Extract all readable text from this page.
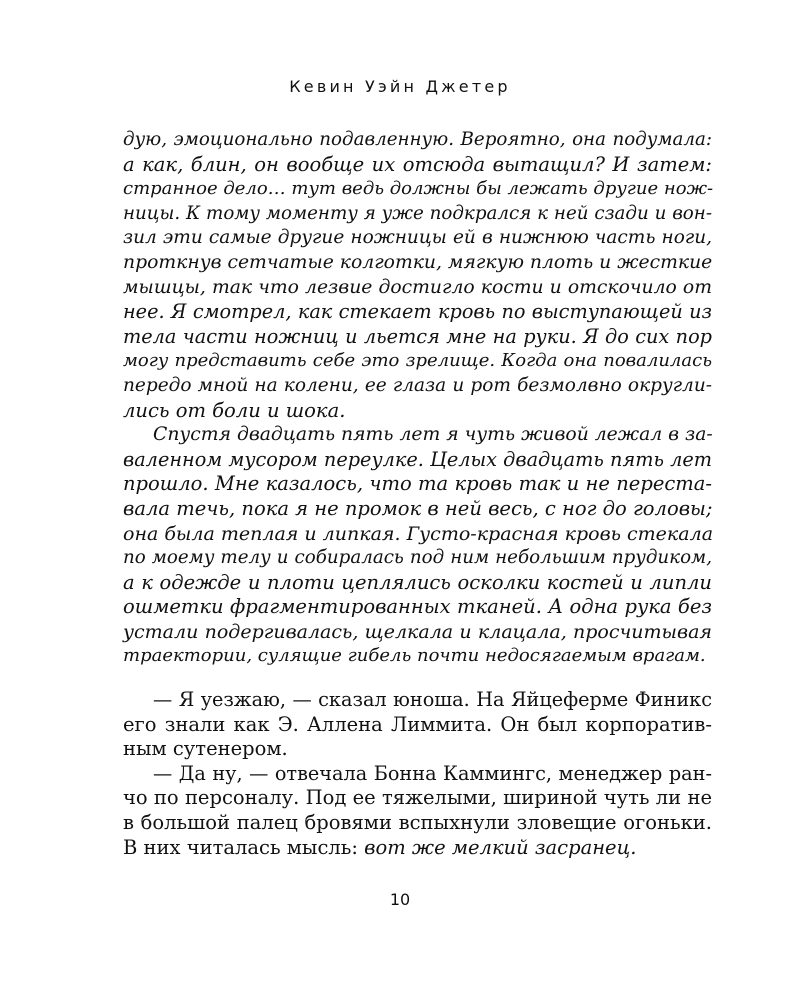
Кевин Уэйн Джетер
дую, эмоционально подавленную. Вероятно, она подумала:
а как, блин, он вообще их отсюда вытащил? И затем:
странное дело… тут ведь должны бы лежать другие нож-
ницы. К тому моменту я уже подкрался к ней сзади и вон-
зил эти самые другие ножницы ей в нижнюю часть ноги,
проткнув сетчатые колготки, мягкую плоть и жесткие
мышцы, так что лезвие достигло кости и отскочило от
нее. Я смотрел, как стекает кровь по выступающей из
тела части ножниц и льется мне на руки. Я до сих пор
могу представить себе это зрелище. Когда она повалилась
передо мной на колени, ее глаза и рот безмолвно округли-
лись от боли и шока.
Спустя двадцать пять лет я чуть живой лежал в за-
валенном мусором переулке. Целых двадцать пять лет
прошло. Мне казалось, что та кровь так и не переста-
вала течь, пока я не промок в ней весь, с ног до головы;
она была теплая и липкая. Густо-красная кровь стекала
по моему телу и собиралась под ним небольшим прудиком,
а к одежде и плоти цеплялись осколки костей и липли
ошметки фрагментированных тканей. А одна рука без
устали подергивалась, щелкала и клацала, просчитывая
траектории, сулящие гибель почти недосягаемым врагам.
— Я уезжаю, — сказал юноша. На Яйцеферме Финикс
его знали как Э. Аллена Лиммита. Он был корпоратив-
ным сутенером.
— Да ну, — отвечала Бонна Каммингс, менеджер ран-
чо по персоналу. Под ее тяжелыми, шириной чуть ли не
в большой палец бровями вспыхнули зловещие огоньки.
В них читалась мысль: вот же мелкий засранец.
10
